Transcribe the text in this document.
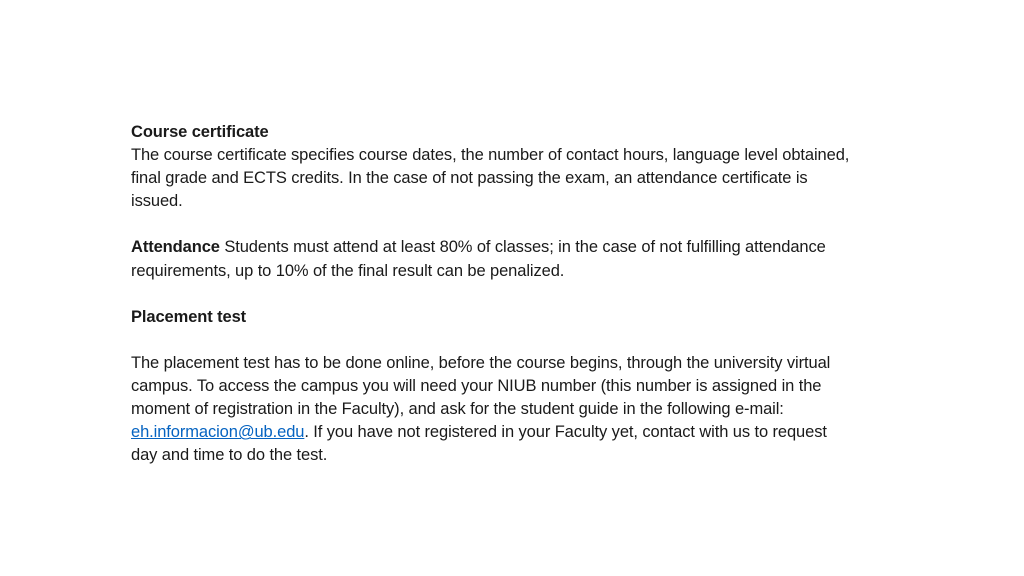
Course certificate
The course certificate specifies course dates, the number of contact hours, language level obtained, final grade and ECTS credits. In the case of not passing the exam, an attendance certificate is issued.

Attendance Students must attend at least 80% of classes; in the case of not fulfilling attendance requirements, up to 10% of the final result can be penalized.

Placement test

The placement test has to be done online, before the course begins, through the university virtual campus. To access the campus you will need your NIUB number (this number is assigned in the moment of registration in the Faculty), and ask for the student guide in the following e-mail: eh.informacion@ub.edu. If you have not registered in your Faculty yet, contact with us to request day and time to do the test.
